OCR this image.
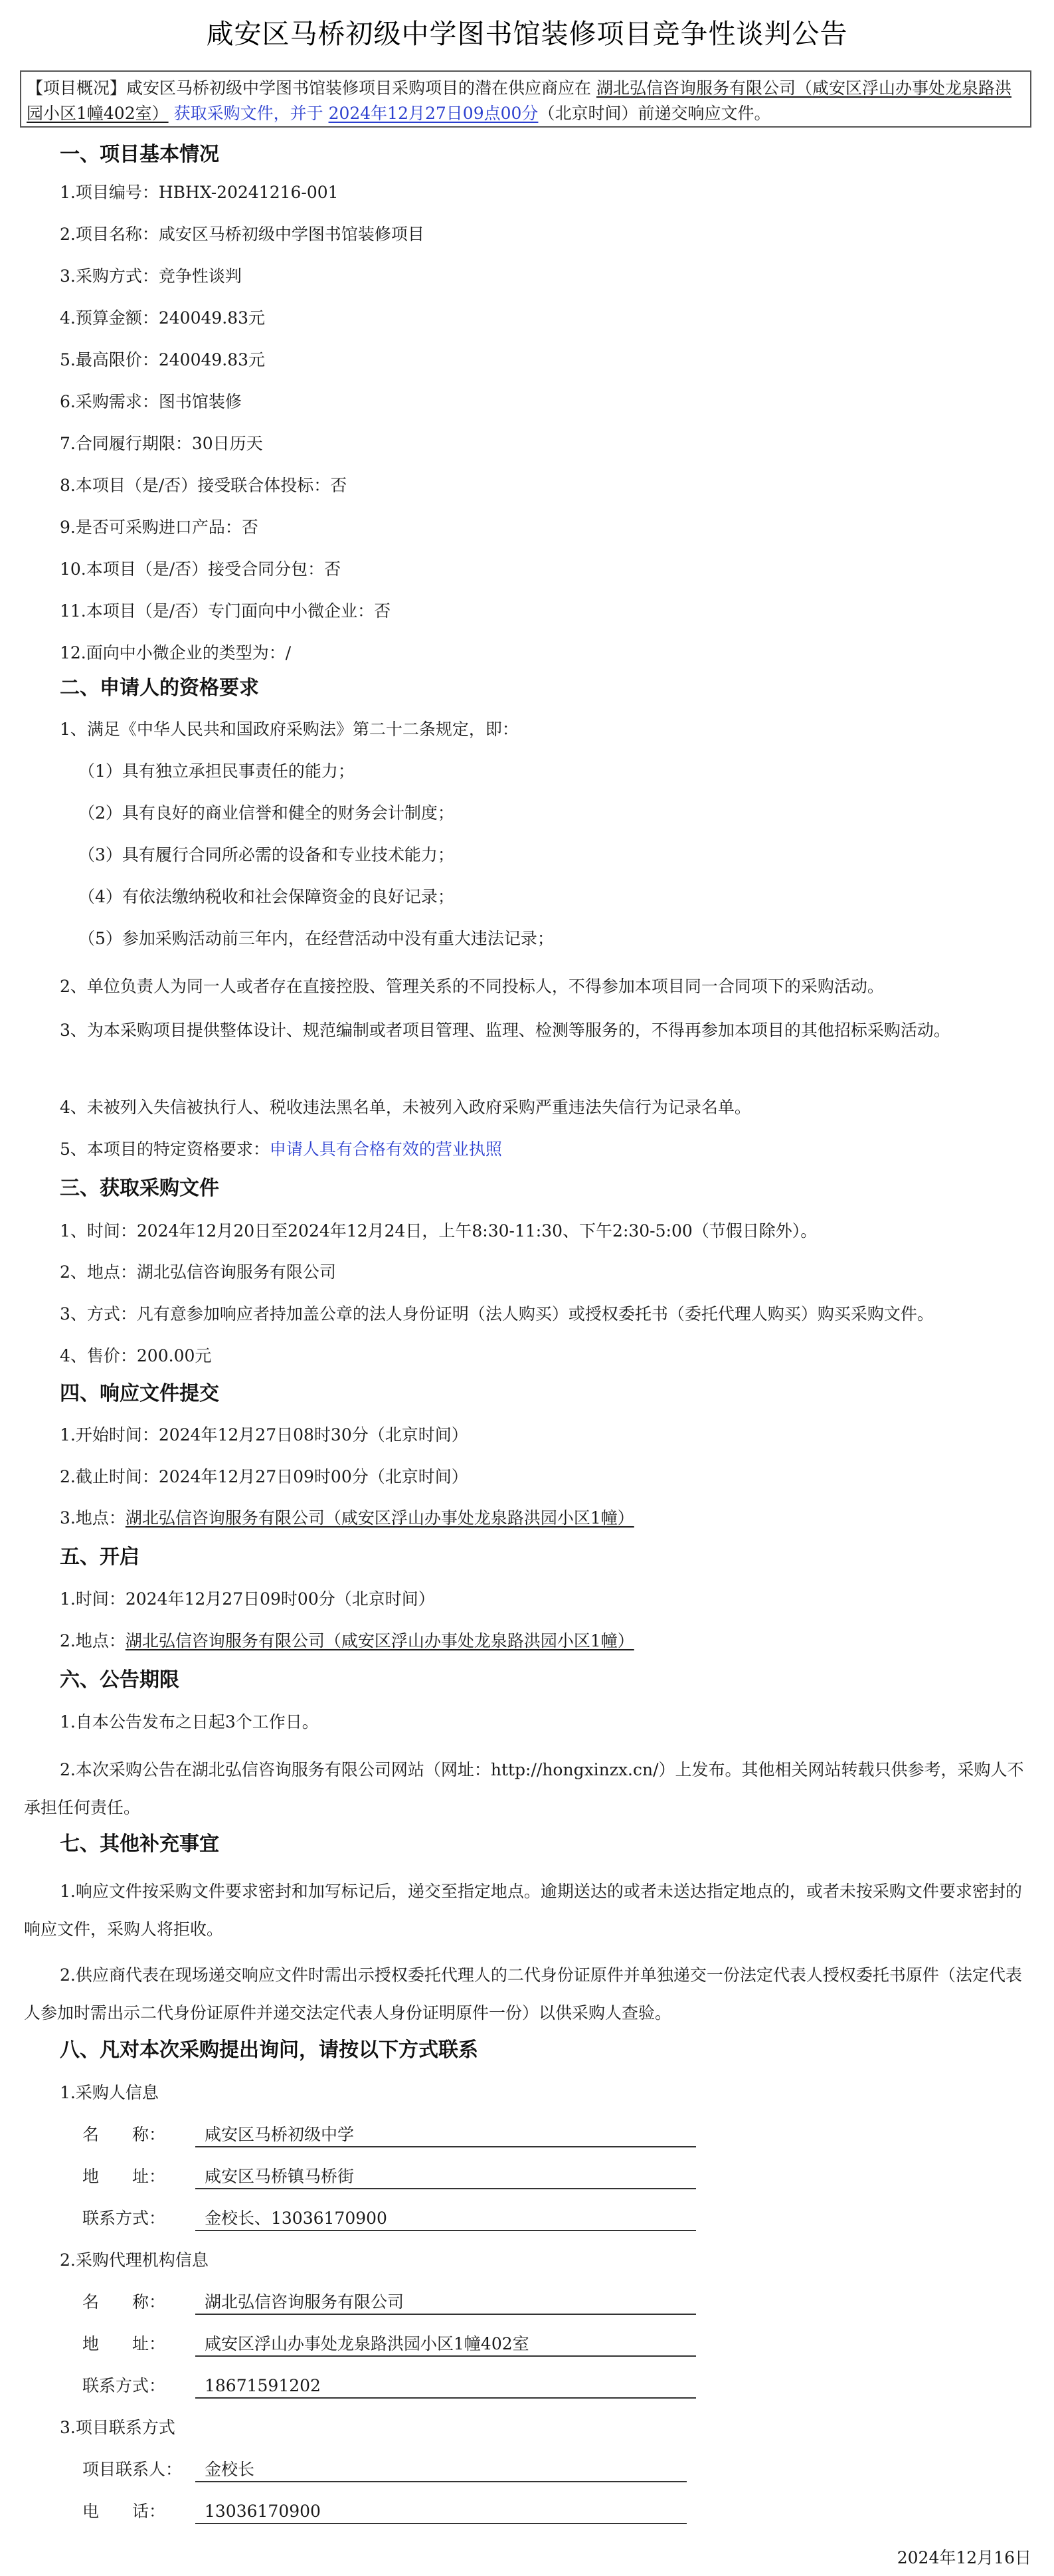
咸安区马桥初级中学图书馆装修项目竞争性谈判公告
【项目概况】咸安区马桥初级中学图书馆装修项目采购项目的潜在供应商应在 湖北弘信咨询服务有限公司（咸安区浮山办事处龙泉路洪园小区1幢402室） 获取采购文件，并于 2024年12月27日09点00分（北京时间）前递交响应文件。
一、项目基本情况
1.项目编号：HBHX-20241216-001
2.项目名称：咸安区马桥初级中学图书馆装修项目
3.采购方式：竞争性谈判
4.预算金额：240049.83元
5.最高限价：240049.83元
6.采购需求：图书馆装修
7.合同履行期限：30日历天
8.本项目（是/否）接受联合体投标：否
9.是否可采购进口产品：否
10.本项目（是/否）接受合同分包：否
11.本项目（是/否）专门面向中小微企业：否
12.面向中小微企业的类型为：/
二、申请人的资格要求
1、满足《中华人民共和国政府采购法》第二十二条规定，即：
（1）具有独立承担民事责任的能力；
（2）具有良好的商业信誉和健全的财务会计制度；
（3）具有履行合同所必需的设备和专业技术能力；
（4）有依法缴纳税收和社会保障资金的良好记录；
（5）参加采购活动前三年内，在经营活动中没有重大违法记录；
2、单位负责人为同一人或者存在直接控股、管理关系的不同投标人，不得参加本项目同一合同项下的采购活动。
3、为本采购项目提供整体设计、规范编制或者项目管理、监理、检测等服务的，不得再参加本项目的其他招标采购活动。
4、未被列入失信被执行人、税收违法黑名单，未被列入政府采购严重违法失信行为记录名单。
5、本项目的特定资格要求：申请人具有合格有效的营业执照
三、获取采购文件
1、时间：2024年12月20日至2024年12月24日，上午8:30-11:30、下午2:30-5:00（节假日除外）。
2、地点：湖北弘信咨询服务有限公司
3、方式：凡有意参加响应者持加盖公章的法人身份证明（法人购买）或授权委托书（委托代理人购买）购买采购文件。
4、售价：200.00元
四、响应文件提交
1.开始时间：2024年12月27日08时30分（北京时间）
2.截止时间：2024年12月27日09时00分（北京时间）
3.地点：湖北弘信咨询服务有限公司（咸安区浮山办事处龙泉路洪园小区1幢）
五、开启
1.时间：2024年12月27日09时00分（北京时间）
2.地点：湖北弘信咨询服务有限公司（咸安区浮山办事处龙泉路洪园小区1幢）
六、公告期限
1.自本公告发布之日起3个工作日。
2.本次采购公告在湖北弘信咨询服务有限公司网站（网址：http://hongxinzx.cn/）上发布。其他相关网站转载只供参考，采购人不承担任何责任。
七、其他补充事宜
1.响应文件按采购文件要求密封和加写标记后，递交至指定地点。逾期送达的或者未送达指定地点的，或者未按采购文件要求密封的响应文件，采购人将拒收。
2.供应商代表在现场递交响应文件时需出示授权委托代理人的二代身份证原件并单独递交一份法定代表人授权委托书原件（法定代表人参加时需出示二代身份证原件并递交法定代表人身份证明原件一份）以供采购人查验。
八、凡对本次采购提出询问，请按以下方式联系
1.采购人信息
名　　称： 咸安区马桥初级中学
地　　址： 咸安区马桥镇马桥街
联系方式： 金校长、13036170900
2.采购代理机构信息
名　　称： 湖北弘信咨询服务有限公司
地　　址： 咸安区浮山办事处龙泉路洪园小区1幢402室
联系方式： 18671591202
3.项目联系方式
项目联系人： 金校长
电　　话： 13036170900
2024年12月16日
